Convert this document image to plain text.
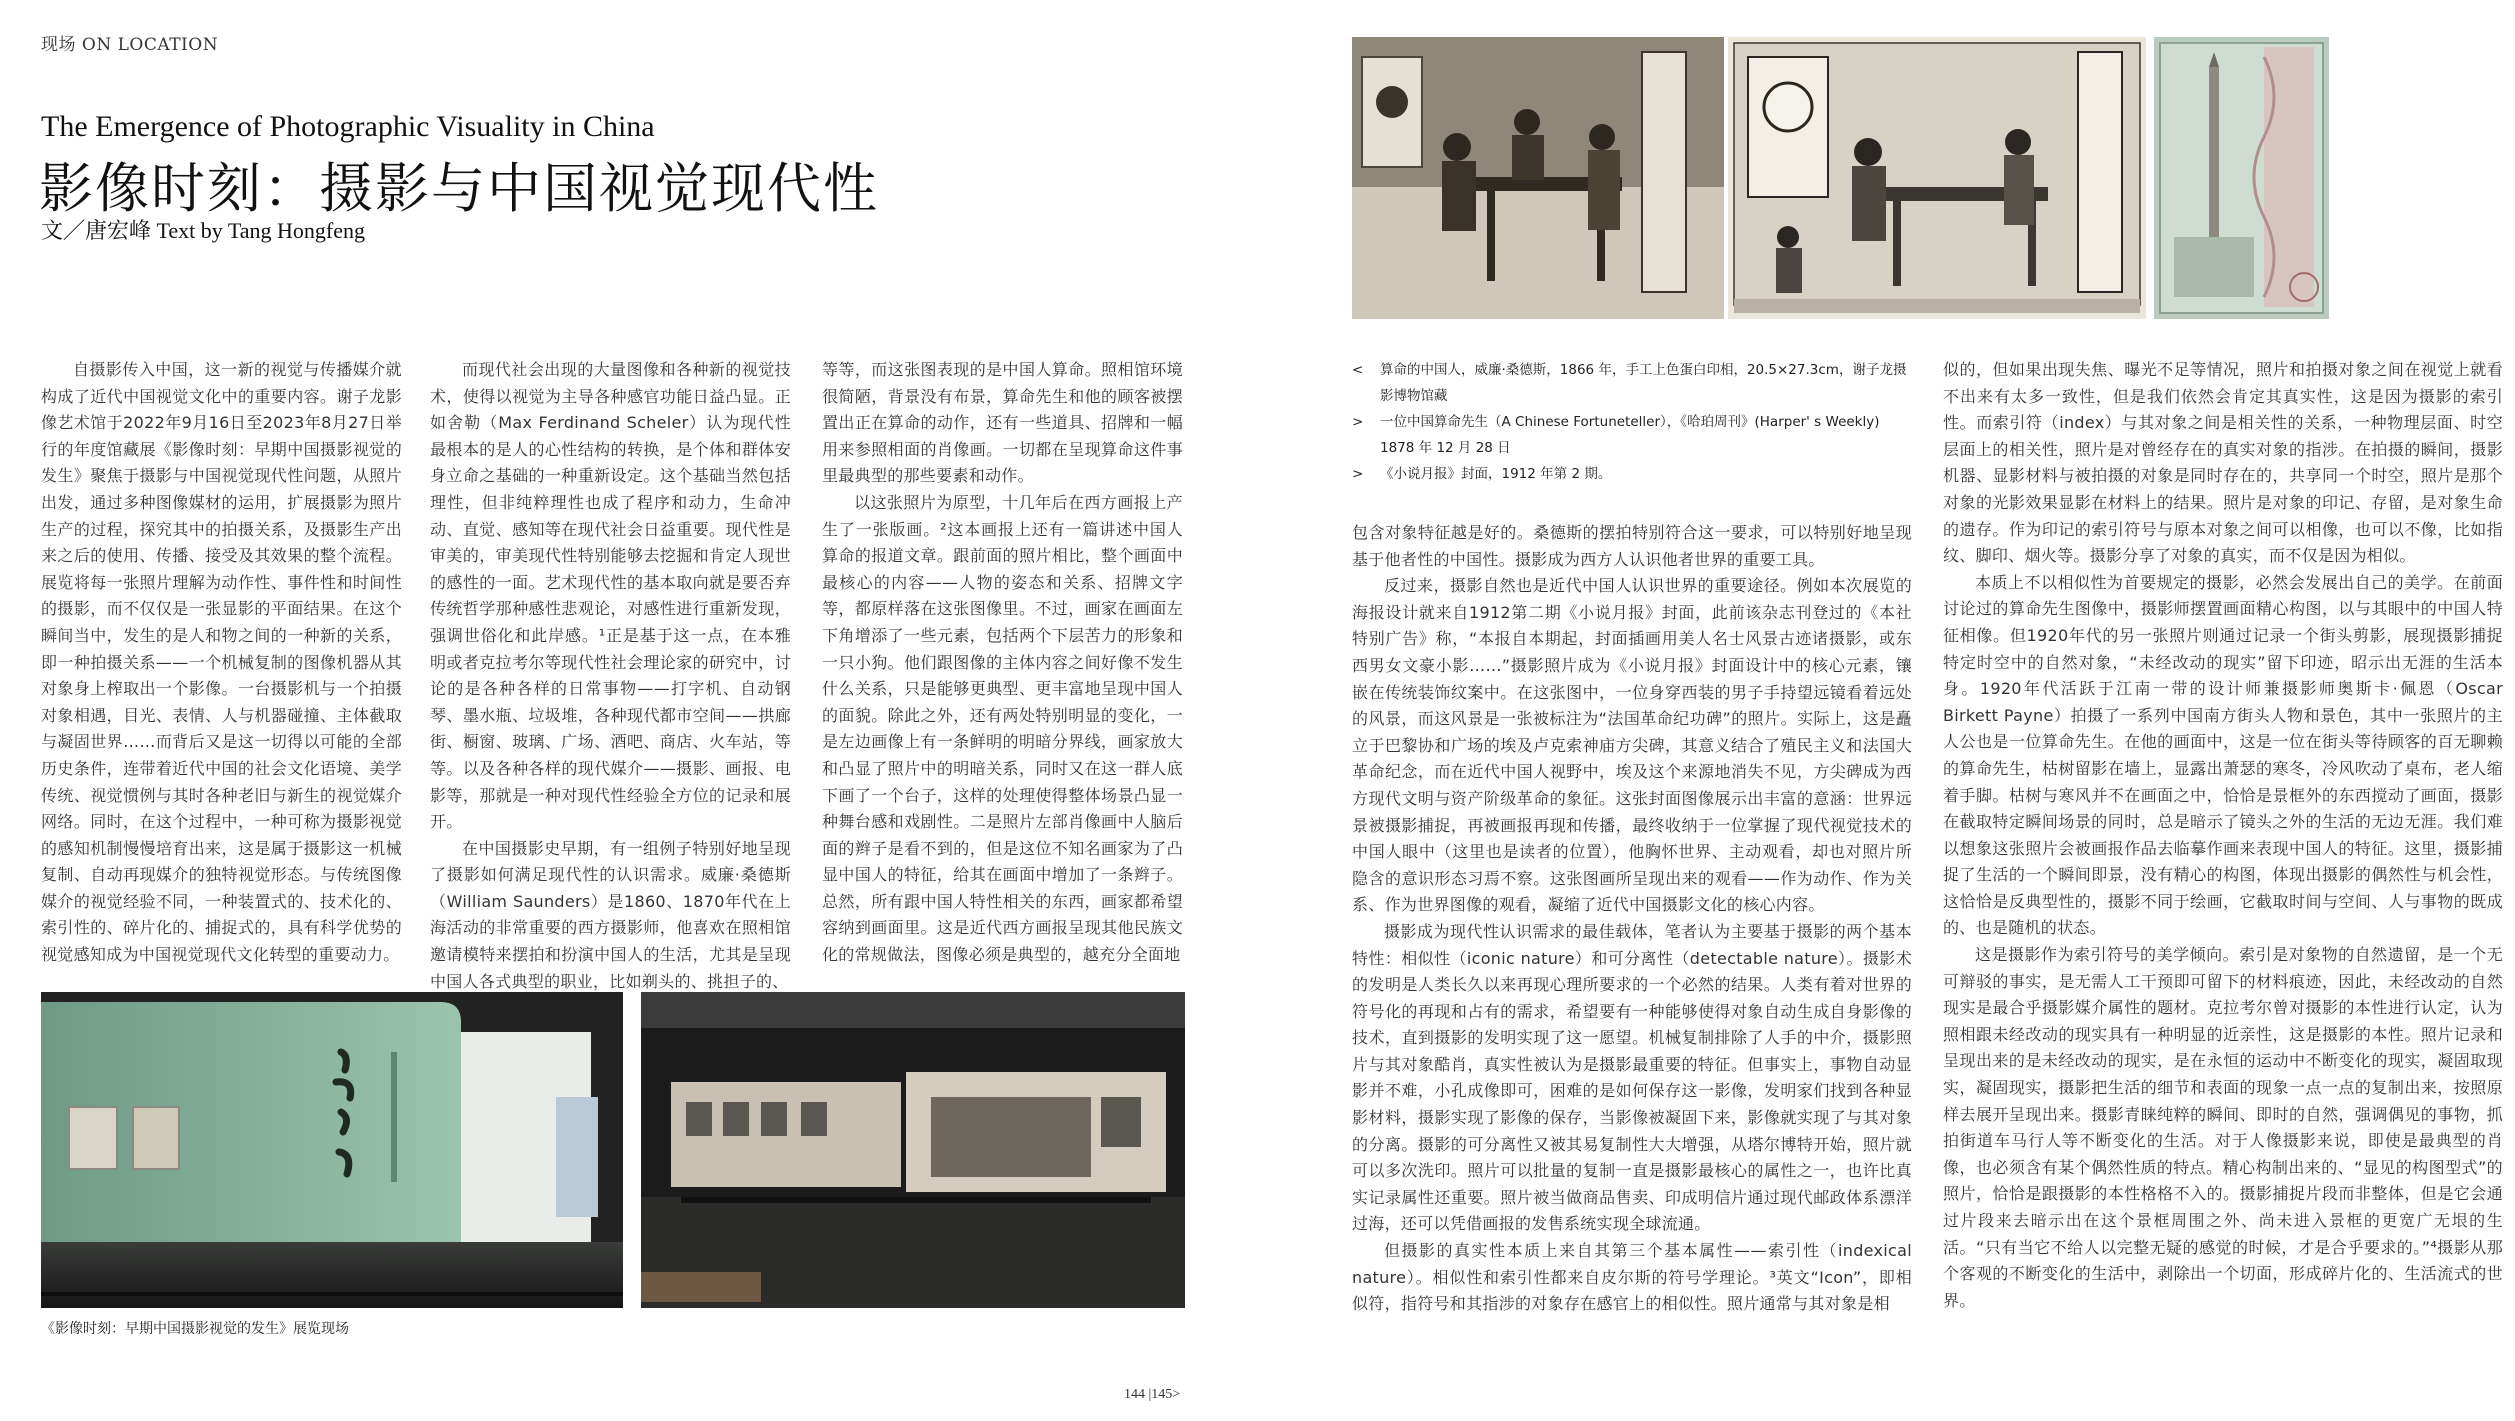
现场 ON LOCATION
The Emergence of Photographic Visuality in China
影像时刻：摄影与中国视觉现代性
文／唐宏峰 Text by Tang Hongfeng

自摄影传入中国，这一新的视觉与传播媒介就构成了近代中国视觉文化中的重要内容。谢子龙影像艺术馆于2022年9月16日至2023年8月27日举行的年度馆藏展《影像时刻：早期中国摄影视觉的发生》聚焦于摄影与中国视觉现代性问题，从照片出发，通过多种图像媒材的运用，扩展摄影为照片生产的过程，探究其中的拍摄关系，及摄影生产出来之后的使用、传播、接受及其效果的整个流程。展览将每一张照片理解为动作性、事件性和时间性的摄影，而不仅仅是一张显影的平面结果。在这个瞬间当中，发生的是人和物之间的一种新的关系，即一种拍摄关系——一个机械复制的图像机器从其对象身上榨取出一个影像。一台摄影机与一个拍摄对象相遇，目光、表情、人与机器碰撞、主体截取与凝固世界……而背后又是这一切得以可能的全部历史条件，连带着近代中国的社会文化语境、美学传统、视觉惯例与其时各种老旧与新生的视觉媒介网络。同时，在这个过程中，一种可称为摄影视觉的感知机制慢慢培育出来，这是属于摄影这一机械复制、自动再现媒介的独特视觉形态。与传统图像媒介的视觉经验不同，一种装置式的、技术化的、索引性的、碎片化的、捕捉式的，具有科学优势的视觉感知成为中国视觉现代文化转型的重要动力。

而现代社会出现的大量图像和各种新的视觉技术，使得以视觉为主导各种感官功能日益凸显。正如舍勒（Max Ferdinand Scheler）认为现代性最根本的是人的心性结构的转换，是个体和群体安身立命之基础的一种重新设定。这个基础当然包括理性，但非纯粹理性也成了程序和动力，生命冲动、直觉、感知等在现代社会日益重要。现代性是审美的，审美现代性特别能够去挖掘和肯定人现世的感性的一面。艺术现代性的基本取向就是要否弃传统哲学那种感性悲观论，对感性进行重新发现，强调世俗化和此岸感。¹正是基于这一点，在本雅明或者克拉考尔等现代性社会理论家的研究中，讨论的是各种各样的日常事物——打字机、自动钢琴、墨水瓶、垃圾堆，各种现代都市空间——拱廊街、橱窗、玻璃、广场、酒吧、商店、火车站，等等。以及各种各样的现代媒介——摄影、画报、电影等，那就是一种对现代性经验全方位的记录和展开。

在中国摄影史早期，有一组例子特别好地呈现了摄影如何满足现代性的认识需求。威廉·桑德斯（William Saunders）是1860、1870年代在上海活动的非常重要的西方摄影师，他喜欢在照相馆邀请模特来摆拍和扮演中国人的生活，尤其是呈现中国人各式典型的职业，比如剃头的、挑担子的、

等等，而这张图表现的是中国人算命。照相馆环境很简陋，背景没有布景，算命先生和他的顾客被摆置出正在算命的动作，还有一些道具、招牌和一幅用来参照相面的肖像画。一切都在呈现算命这件事里最典型的那些要素和动作。

以这张照片为原型，十几年后在西方画报上产生了一张版画。²这本画报上还有一篇讲述中国人算命的报道文章。跟前面的照片相比，整个画面中最核心的内容——人物的姿态和关系、招牌文字等，都原样落在这张图像里。不过，画家在画面左下角增添了一些元素，包括两个下层苦力的形象和一只小狗。他们跟图像的主体内容之间好像不发生什么关系，只是能够更典型、更丰富地呈现中国人的面貌。除此之外，还有两处特别明显的变化，一是左边画像上有一条鲜明的明暗分界线，画家放大和凸显了照片中的明暗关系，同时又在这一群人底下画了一个台子，这样的处理使得整体场景凸显一种舞台感和戏剧性。二是照片左部肖像画中人脑后面的辫子是看不到的，但是这位不知名画家为了凸显中国人的特征，给其在画面中增加了一条辫子。总然，所有跟中国人特性相关的东西，画家都希望容纳到画面里。这是近代西方画报呈现其他民族文化的常规做法，图像必须是典型的，越充分全面地

《影像时刻：早期中国摄影视觉的发生》展览现场
< 算命的中国人，威廉·桑德斯，1866 年，手工上色蛋白印相，20.5×27.3cm，谢子龙摄影博物馆藏
> 一位中国算命先生（A Chinese Fortuneteller），《哈珀周刊》(Harper' s Weekly) 1878 年 12 月 28 日
> 《小说月报》封面，1912 年第 2 期。

包含对象特征越是好的。桑德斯的摆拍特别符合这一要求，可以特别好地呈现基于他者性的中国性。摄影成为西方人认识他者世界的重要工具。

反过来，摄影自然也是近代中国人认识世界的重要途径。例如本次展览的海报设计就来自1912第二期《小说月报》封面，此前该杂志刊登过的《本社特别广告》称，“本报自本期起，封面插画用美人名士风景古迹诸摄影，或东西男女文豪小影……”摄影照片成为《小说月报》封面设计中的核心元素，镶嵌在传统装饰纹案中。在这张图中，一位身穿西装的男子手持望远镜看着远处的风景，而这风景是一张被标注为“法国革命纪功碑”的照片。实际上，这是矗立于巴黎协和广场的埃及卢克索神庙方尖碑，其意义结合了殖民主义和法国大革命纪念，而在近代中国人视野中，埃及这个来源地消失不见，方尖碑成为西方现代文明与资产阶级革命的象征。这张封面图像展示出丰富的意涵：世界远景被摄影捕捉，再被画报再现和传播，最终收纳于一位掌握了现代视觉技术的中国人眼中（这里也是读者的位置），他胸怀世界、主动观看，却也对照片所隐含的意识形态习焉不察。这张图画所呈现出来的观看——作为动作、作为关系、作为世界图像的观看，凝缩了近代中国摄影文化的核心内容。

摄影成为现代性认识需求的最佳载体，笔者认为主要基于摄影的两个基本特性：相似性（iconic nature）和可分离性（detectable nature）。摄影术的发明是人类长久以来再现心理所要求的一个必然的结果。人类有着对世界的符号化的再现和占有的需求，希望要有一种能够使得对象自动生成自身影像的技术，直到摄影的发明实现了这一愿望。机械复制排除了人手的中介，摄影照片与其对象酷肖，真实性被认为是摄影最重要的特征。但事实上，事物自动显影并不难，小孔成像即可，困难的是如何保存这一影像，发明家们找到各种显影材料，摄影实现了影像的保存，当影像被凝固下来，影像就实现了与其对象的分离。摄影的可分离性又被其易复制性大大增强，从塔尔博特开始，照片就可以多次洗印。照片可以批量的复制一直是摄影最核心的属性之一，也许比真实记录属性还重要。照片被当做商品售卖、印成明信片通过现代邮政体系漂洋过海，还可以凭借画报的发售系统实现全球流通。

但摄影的真实性本质上来自其第三个基本属性——索引性（indexical nature）。相似性和索引性都来自皮尔斯的符号学理论。³英文“Icon”，即相似符，指符号和其指涉的对象存在感官上的相似性。照片通常与其对象是相

似的，但如果出现失焦、曝光不足等情况，照片和拍摄对象之间在视觉上就看不出来有太多一致性，但是我们依然会肯定其真实性，这是因为摄影的索引性。而索引符（index）与其对象之间是相关性的关系，一种物理层面、时空层面上的相关性，照片是对曾经存在的真实对象的指涉。在拍摄的瞬间，摄影机器、显影材料与被拍摄的对象是同时存在的，共享同一个时空，照片是那个对象的光影效果显影在材料上的结果。照片是对象的印记、存留，是对象生命的遗存。作为印记的索引符号与原本对象之间可以相像，也可以不像，比如指纹、脚印、烟火等。摄影分享了对象的真实，而不仅是因为相似。

本质上不以相似性为首要规定的摄影，必然会发展出自己的美学。在前面讨论过的算命先生图像中，摄影师摆置画面精心构图，以与其眼中的中国人特征相像。但1920年代的另一张照片则通过记录一个街头剪影，展现摄影捕捉特定时空中的自然对象，“未经改动的现实”留下印迹，昭示出无涯的生活本身。1920年代活跃于江南一带的设计师兼摄影师奥斯卡·佩恩（Oscar Birkett Payne）拍摄了一系列中国南方街头人物和景色，其中一张照片的主人公也是一位算命先生。在他的画面中，这是一位在街头等待顾客的百无聊赖的算命先生，枯树留影在墙上，显露出萧瑟的寒冬，冷风吹动了桌布，老人缩着手脚。枯树与寒风并不在画面之中，恰恰是景框外的东西搅动了画面，摄影在截取特定瞬间场景的同时，总是暗示了镜头之外的生活的无边无涯。我们难以想象这张照片会被画报作品去临摹作画来表现中国人的特征。这里，摄影捕捉了生活的一个瞬间即景，没有精心的构图，体现出摄影的偶然性与机会性，这恰恰是反典型性的，摄影不同于绘画，它截取时间与空间、人与事物的既成的、也是随机的状态。

这是摄影作为索引符号的美学倾向。索引是对象物的自然遗留，是一个无可辩驳的事实，是无需人工干预即可留下的材料痕迹，因此，未经改动的自然现实是最合乎摄影媒介属性的题材。克拉考尔曾对摄影的本性进行认定，认为照相跟未经改动的现实具有一种明显的近亲性，这是摄影的本性。照片记录和呈现出来的是未经改动的现实，是在永恒的运动中不断变化的现实，凝固取现实，凝固现实，摄影把生活的细节和表面的现象一点一点的复制出来，按照原样去展开呈现出来。摄影青睐纯粹的瞬间、即时的自然，强调偶见的事物，抓拍街道车马行人等不断变化的生活。对于人像摄影来说，即使是最典型的肖像，也必须含有某个偶然性质的特点。精心构制出来的、“显见的构图型式”的照片，恰恰是跟摄影的本性格格不入的。摄影捕捉片段而非整体，但是它会通过片段来去暗示出在这个景框周围之外、尚未进入景框的更宽广无垠的生活。“只有当它不给人以完整无疑的感觉的时候，才是合乎要求的。”⁴摄影从那个客观的不断变化的生活中，剥除出一个切面，形成碎片化的、生活流式的世界。

144 |145>
